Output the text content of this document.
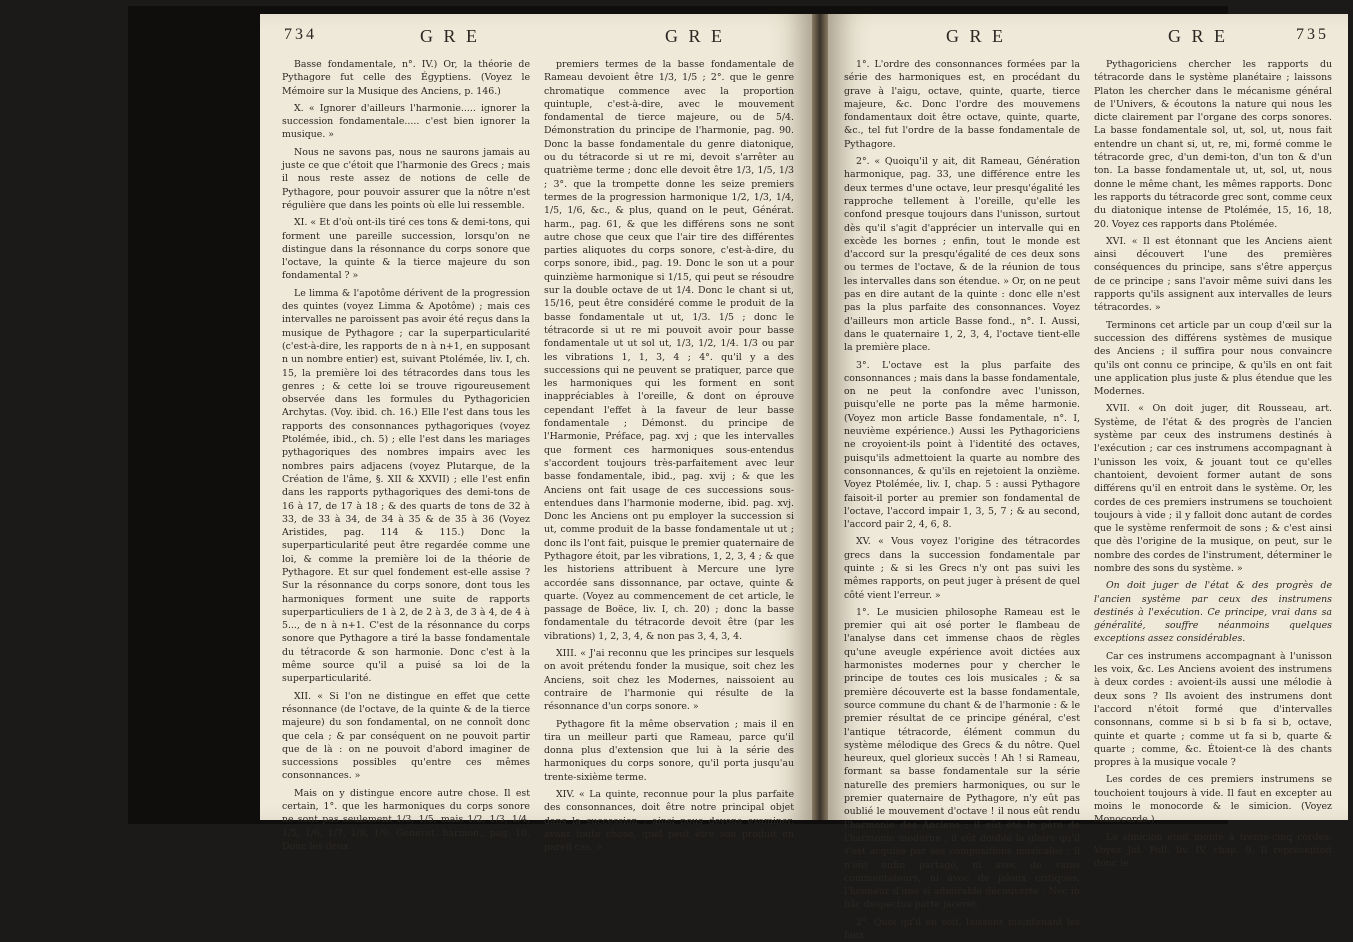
734	G R E	G R E

Basse fondamentale, n°. IV.) Or, la théorie de Pythagore fut celle des Égyptiens. (Voyez le Mémoire sur la Musique des Anciens, p. 146.)

X. « Ignorer d'ailleurs l'harmonie..... ignorer la succession fondamentale..... c'est bien ignorer la musique. »

Nous ne savons pas, nous ne saurons jamais au juste ce que c'étoit que l'harmonie des Grecs ; mais il nous reste assez de notions de celle de Pythagore, pour pouvoir assurer que la nôtre n'est régulière que dans les points où elle lui ressemble.

XI. « Et d'où ont-ils tiré ces tons & demi-tons, qui forment une pareille succession, lorsqu'on ne distingue dans la résonnance du corps sonore que l'octave, la quinte & la tierce majeure du son fondamental ? »

Le limma & l'apotôme dérivent de la progression des quintes (voyez Limma & Apotôme) ; mais ces intervalles ne paroissent pas avoir été reçus dans la musique de Pythagore ; car la superparticularité (c'est-à-dire, les rapports de n à n+1, en supposant n un nombre entier) est, suivant Ptolémée, liv. I, ch. 15, la première loi des tétracordes dans tous les genres ; & cette loi se trouve rigoureusement observée dans les formules du Pythagoricien Archytas. (Voy. ibid. ch. 16.) Elle l'est dans tous les rapports des consonnances pythagoriques (voyez Ptolémée, ibid., ch. 5) ; elle l'est dans les mariages pythagoriques des nombres impairs avec les nombres pairs adjacens (voyez Plutarque, de la Création de l'âme, §. XII & XXVII) ; elle l'est enfin dans les rapports pythagoriques des demi-tons de 16 à 17, de 17 à 18 ; & des quarts de tons de 32 à 33, de 33 à 34, de 34 à 35 & de 35 à 36 (Voyez Aristides, pag. 114 & 115.) Donc la superparticularité peut être regardée comme une loi, & comme la première loi de la théorie de Pythagore. Et sur quel fondement est-elle assise ? Sur la résonnance du corps sonore, dont tous les harmoniques forment une suite de rapports superparticuliers de 1 à 2, de 2 à 3, de 3 à 4, de 4 à 5..., de n à n+1. C'est de la résonnance du corps sonore que Pythagore a tiré la basse fondamentale du tétracorde & son harmonie. Donc c'est à la même source qu'il a puisé sa loi de la superparticularité.

XII. « Si l'on ne distingue en effet que cette résonnance (de l'octave, de la quinte & de la tierce majeure) du son fondamental, on ne connoît donc que cela ; & par conséquent on ne pouvoit partir que de là : on ne pouvoit d'abord imaginer de successions possibles qu'entre ces mêmes consonnances. »

Mais on y distingue encore autre chose. Il est certain, 1°. que les harmoniques du corps sonore ne sont pas seulement 1/3, 1/5, mais 1/2, 1/3, 1/4, 1/5, 1/6, 1/7, 1/8, 1/9. Générat. harmon., pag. 10. Donc les deux

premiers termes de la basse fondamentale de Rameau devoient être 1/3, 1/5 ; 2°. que le genre chromatique commence avec la proportion quintuple, c'est-à-dire, avec le mouvement fondamental de tierce majeure, ou de 5/4. Démonstration du principe de l'harmonie, pag. 90. Donc la basse fondamentale du genre diatonique, ou du tétracorde si ut re mi, devoit s'arrêter au quatrième terme ; donc elle devoit être 1/3, 1/5, 1/3 ; 3°. que la trompette donne les seize premiers termes de la progression harmonique 1/2, 1/3, 1/4, 1/5, 1/6, &c., & plus, quand on le peut, Générat. harm., pag. 61, & que les différens sons ne sont autre chose que ceux que l'air tire des différentes parties aliquotes du corps sonore, c'est-à-dire, du corps sonore, ibid., pag. 19. Donc le son ut a pour quinzième harmonique si 1/15, qui peut se résoudre sur la double octave de ut 1/4. Donc le chant si ut, 15/16, peut être considéré comme le produit de la basse fondamentale ut ut, 1/3. 1/5 ; donc le tétracorde si ut re mi pouvoit avoir pour basse fondamentale ut ut sol ut, 1/3, 1/2, 1/4. 1/3 ou par les vibrations 1, 1, 3, 4 ; 4°. qu'il y a des successions qui ne peuvent se pratiquer, parce que les harmoniques qui les forment en sont inappréciables à l'oreille, & dont on éprouve cependant l'effet à la faveur de leur basse fondamentale ; Démonst. du principe de l'Harmonie, Préface, pag. xvj ; que les intervalles que forment ces harmoniques sous-entendus s'accordent toujours très-parfaitement avec leur basse fondamentale, ibid., pag. xvij ; & que les Anciens ont fait usage de ces successions sous-entendues dans l'harmonie moderne, ibid. pag. xvj. Donc les Anciens ont pu employer la succession si ut, comme produit de la basse fondamentale ut ut ; donc ils l'ont fait, puisque le premier quaternaire de Pythagore étoit, par les vibrations, 1, 2, 3, 4 ; & que les historiens attribuent à Mercure une lyre accordée sans dissonnance, par octave, quinte & quarte. (Voyez au commencement de cet article, le passage de Boëce, liv. I, ch. 20) ; donc la basse fondamentale du tétracorde devoit être (par les vibrations) 1, 2, 3, 4, & non pas 3, 4, 3, 4.

XIII. « J'ai reconnu que les principes sur lesquels on avoit prétendu fonder la musique, soit chez les Anciens, soit chez les Modernes, naissoient au contraire de l'harmonie qui résulte de la résonnance d'un corps sonore. »

Pythagore fit la même observation ; mais il en tira un meilleur parti que Rameau, parce qu'il donna plus d'extension que lui à la série des harmoniques du corps sonore, qu'il porta jusqu'au trente-sixième terme.

XIV. « La quinte, reconnue pour la plus parfaite des consonnances, doit être notre principal objet dans la succession : ainsi nous devons examiner, avant toute chose, quel peut être son produit en pareil cas. »

G R E	G R E	735

1°. L'ordre des consonnances formées par la série des harmoniques est, en procédant du grave à l'aigu, octave, quinte, quarte, tierce majeure, &c. Donc l'ordre des mouvemens fondamentaux doit être octave, quinte, quarte, &c., tel fut l'ordre de la basse fondamentale de Pythagore.

2°. « Quoiqu'il y ait, dit Rameau, Génération harmonique, pag. 33, une différence entre les deux termes d'une octave, leur presqu'égalité les rapproche tellement à l'oreille, qu'elle les confond presque toujours dans l'unisson, surtout dès qu'il s'agit d'apprécier un intervalle qui en excède les bornes ; enfin, tout le monde est d'accord sur la presqu'égalité de ces deux sons ou termes de l'octave, & de la réunion de tous les intervalles dans son étendue. » Or, on ne peut pas en dire autant de la quinte : donc elle n'est pas la plus parfaite des consonnances. Voyez d'ailleurs mon article Basse fond., n°. I. Aussi, dans le quaternaire 1, 2, 3, 4, l'octave tient-elle la première place.

3°. L'octave est la plus parfaite des consonnances ; mais dans la basse fondamentale, on ne peut la confondre avec l'unisson, puisqu'elle ne porte pas la même harmonie. (Voyez mon article Basse fondamentale, n°. I, neuvième expérience.) Aussi les Pythagoriciens ne croyoient-ils point à l'identité des octaves, puisqu'ils admettoient la quarte au nombre des consonnances, & qu'ils en rejetoient la onzième. Voyez Ptolémée, liv. I, chap. 5 : aussi Pythagore faisoit-il porter au premier son fondamental de l'octave, l'accord impair 1, 3, 5, 7 ; & au second, l'accord pair 2, 4, 6, 8.

XV. « Vous voyez l'origine des tétracordes grecs dans la succession fondamentale par quinte ; & si les Grecs n'y ont pas suivi les mêmes rapports, on peut juger à présent de quel côté vient l'erreur. »

1°. Le musicien philosophe Rameau est le premier qui ait osé porter le flambeau de l'analyse dans cet immense chaos de règles qu'une aveugle expérience avoit dictées aux harmonistes modernes pour y chercher le principe de toutes ces lois musicales ; & sa première découverte est la basse fondamentale, source commune du chant & de l'harmonie : & le premier résultat de ce principe général, c'est l'antique tétracorde, élément commun du système mélodique des Grecs & du nôtre. Quel heureux, quel glorieux succès ! Ah ! si Rameau, formant sa basse fondamentale sur la série naturelle des premiers harmoniques, ou sur le premier quaternaire de Pythagore, n'y eût pas oublié le mouvement d'octave ! il nous eût rendu l'harmonie des Anciens ; il eût été le père de l'harmonie moderne ; il eût doublé la gloire qu'il s'est acquise par ses compositions musicales ; il n'eût enfin partagé, ni avec de vains commentateurs, ni avec de jaloux critiques, l'honneur d'une si admirable découverte : Nec in hâc despectus parte jaceret.

2°. Quoi qu'il en soit, laissons maintenant les faux

Pythagoriciens chercher les rapports du tétracorde dans le système planétaire ; laissons Platon les chercher dans le mécanisme général de l'Univers, & écoutons la nature qui nous les dicte clairement par l'organe des corps sonores. La basse fondamentale sol, ut, sol, ut, nous fait entendre un chant si, ut, re, mi, formé comme le tétracorde grec, d'un demi-ton, d'un ton & d'un ton. La basse fondamentale ut, ut, sol, ut, nous donne le même chant, les mêmes rapports. Donc les rapports du tétracorde grec sont, comme ceux du diatonique intense de Ptolémée, 15, 16, 18, 20. Voyez ces rapports dans Ptolémée.

XVI. « Il est étonnant que les Anciens aient ainsi découvert l'une des premières conséquences du principe, sans s'être apperçus de ce principe ; sans l'avoir même suivi dans les rapports qu'ils assignent aux intervalles de leurs tétracordes. »

Terminons cet article par un coup d'œil sur la succession des différens systèmes de musique des Anciens ; il suffira pour nous convaincre qu'ils ont connu ce principe, & qu'ils en ont fait une application plus juste & plus étendue que les Modernes.

XVII. « On doit juger, dit Rousseau, art. Système, de l'état & des progrès de l'ancien système par ceux des instrumens destinés à l'exécution ; car ces instrumens accompagnant à l'unisson les voix, & jouant tout ce qu'elles chantoient, devoient former autant de sons différens qu'il en entroit dans le système. Or, les cordes de ces premiers instrumens se touchoient toujours à vide ; il y falloit donc autant de cordes que le système renfermoit de sons ; & c'est ainsi que dès l'origine de la musique, on peut, sur le nombre des cordes de l'instrument, déterminer le nombre des sons du système. »

On doit juger de l'état & des progrès de l'ancien système par ceux des instrumens destinés à l'exécution. Ce principe, vrai dans sa généralité, souffre néanmoins quelques exceptions assez considérables.

Car ces instrumens accompagnant à l'unisson les voix, &c. Les Anciens avoient des instrumens à deux cordes : avoient-ils aussi une mélodie à deux sons ? Ils avoient des instrumens dont l'accord n'étoit formé que d'intervalles consonnans, comme si b si b fa si b, octave, quinte et quarte ; comme ut fa si b, quarte & quarte ; comme, &c. Étoient-ce là des chants propres à la musique vocale ?

Les cordes de ces premiers instrumens se touchoient toujours à vide. Il faut en excepter au moins le monocorde & le simicion. (Voyez Monocorde.)

Le simicion étoit monté à trente-cinq cordes. Voyez Jul. Poll. liv. IV, chap. 9. Il représentoit donc le
